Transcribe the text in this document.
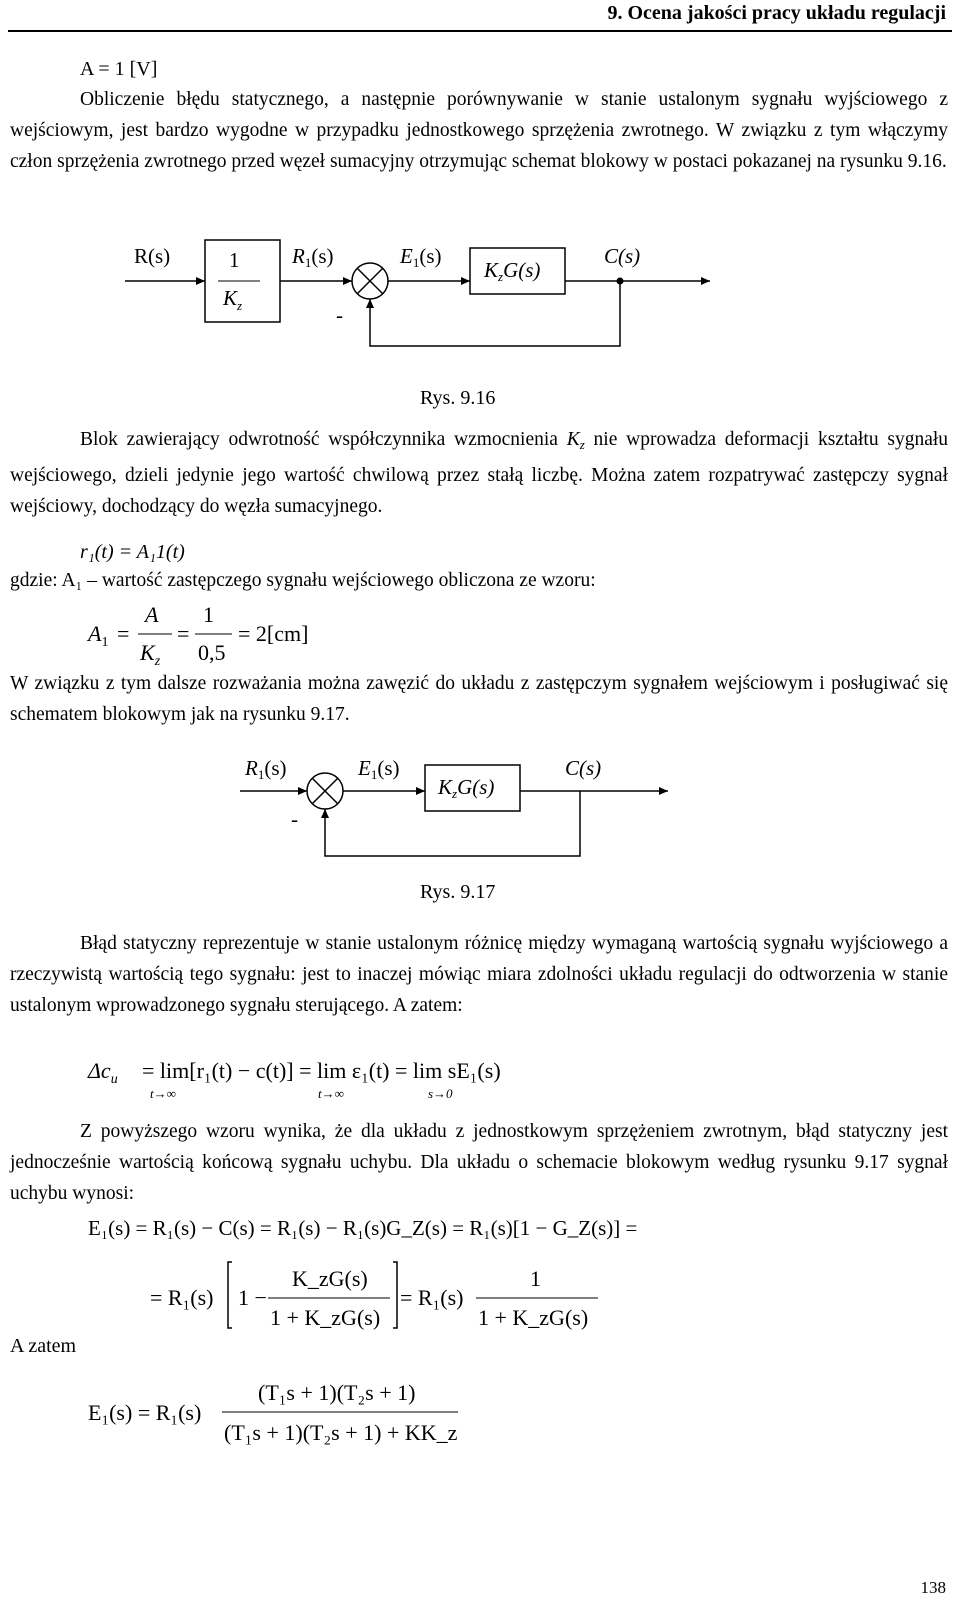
9. Ocena jakości pracy układu regulacji
A = 1 [V]
Obliczenie błędu statycznego, a następnie porównywanie w stanie ustalonym sygnału wyjściowego z wejściowym, jest bardzo wygodne w przypadku jednostkowego sprzężenia zwrotnego. W związku z tym włączymy człon sprzężenia zwrotnego przed węzeł sumacyjny otrzymując schemat blokowy w postaci pokazanej na rysunku 9.16.
R(s)	1
$K_z$
R1(s)
-
E1(s)
KzG(s)
C(s)
Rys. 9.16
Blok zawierający odwrotność współczynnika wzmocnienia $K_z$ nie wprowadza deformacji kształtu sygnału wejściowego, dzieli jedynie jego wartość chwilową przez stałą liczbę. Można zatem rozpatrywać zastępczy sygnał wejściowy, dochodzący do węzła sumacyjnego.
r₁(t) = A₁1(t)
gdzie: A₁ – wartość zastępczego sygnału wejściowego obliczona ze wzoru:
$A_1$ =
A
$K_z$
=
1
0,5
= 2[cm]
W związku z tym dalsze rozważania można zawęzić do układu z zastępczym sygnałem wejściowym i posługiwać się schematem blokowym jak na rysunku 9.17.
R1(s)
-
E1(s)
KzG(s)
C(s)
Rys. 9.17
Błąd statyczny reprezentuje w stanie ustalonym różnicę między wymaganą wartością sygnału wyjściowego a rzeczywistą wartością tego sygnału: jest to inaczej mówiąc miara zdolności układu regulacji do odtworzenia w stanie ustalonym wprowadzonego sygnału sterującego. A zatem:
$\Delta c_u = \lim[r_1(t) - c(t)] = \lim \varepsilon_1(t) = \lim sE_1(s)$
t→∞	t→∞	s→0
Z powyższego wzoru wynika, że dla układu z jednostkowym sprzężeniem zwrotnym, błąd statyczny jest jednocześnie wartością końcową sygnału uchybu. Dla układu o schemacie blokowym według rysunku 9.17 sygnał uchybu wynosi:
E₁(s) = R₁(s) − C(s) = R₁(s) − R₁(s)G_Z(s) = R₁(s)[1 − G_Z(s)] =
= R₁(s) 1 −
K_zG(s)
1 + K_zG(s)
= R₁(s)
1
1 + K_zG(s)
A zatem
E₁(s) = R₁(s)
(T₁s + 1)(T₂s + 1)
(T₁s + 1)(T₂s + 1) + KK_z
138
